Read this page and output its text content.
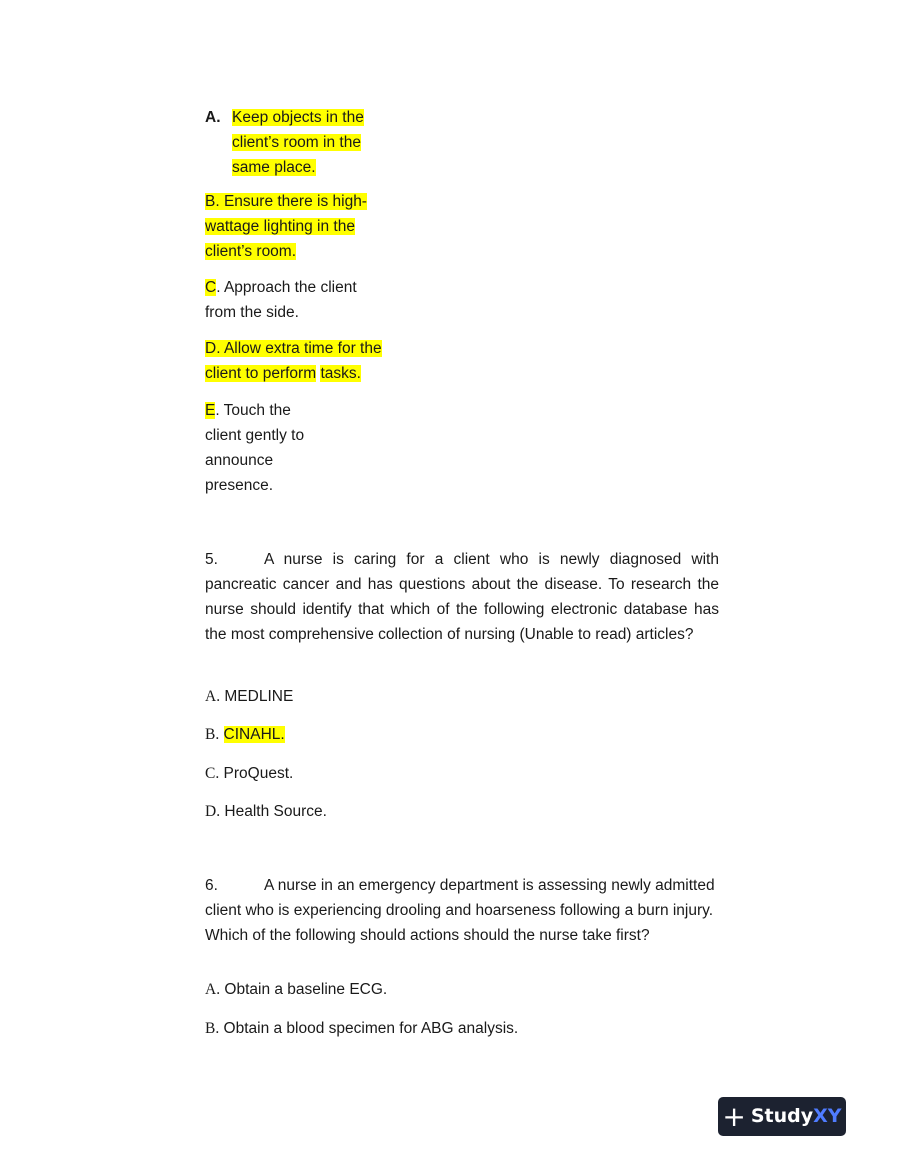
A. Keep objects in the client’s room in the same place.
B. Ensure there is high-
wattage lighting in the
client’s room.
C. Approach the client
from the side.
D. Allow extra time for the
client to perform tasks.
E. Touch the
client gently to
announce
presence.

5.	A nurse is caring for a client who is newly diagnosed with pancreatic cancer and has questions about the disease. To research the nurse should identify that which of the following electronic database has the most comprehensive collection of nursing (Unable to read) articles?

A. MEDLINE
B. CINAHL.
C. ProQuest.
D. Health Source.

6.	A nurse in an emergency department is assessing newly admitted client who is experiencing drooling and hoarseness following a burn injury. Which of the following should actions should the nurse take first?

A. Obtain a baseline ECG.
B. Obtain a blood specimen for ABG analysis.
+ Study XY
